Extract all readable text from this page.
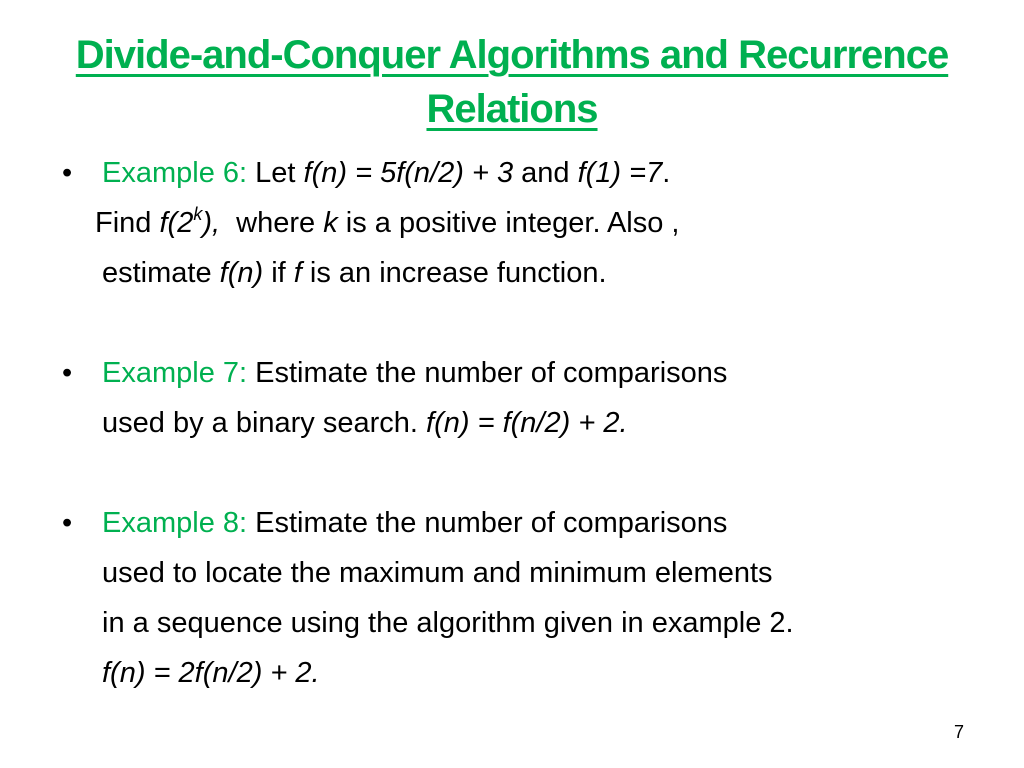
Divide-and-Conquer Algorithms and Recurrence
Relations
• Example 6: Let f(n) = 5f(n/2) + 3 and f(1) =7.
Find f(2$^k$), where k is a positive integer. Also ,
estimate f(n) if f is an increase function.
• Example 7: Estimate the number of comparisons
used by a binary search. f(n) = f(n/2) + 2.
• Example 8: Estimate the number of comparisons
used to locate the maximum and minimum elements
in a sequence using the algorithm given in example 2.
f(n) = 2f(n/2) + 2.
7
